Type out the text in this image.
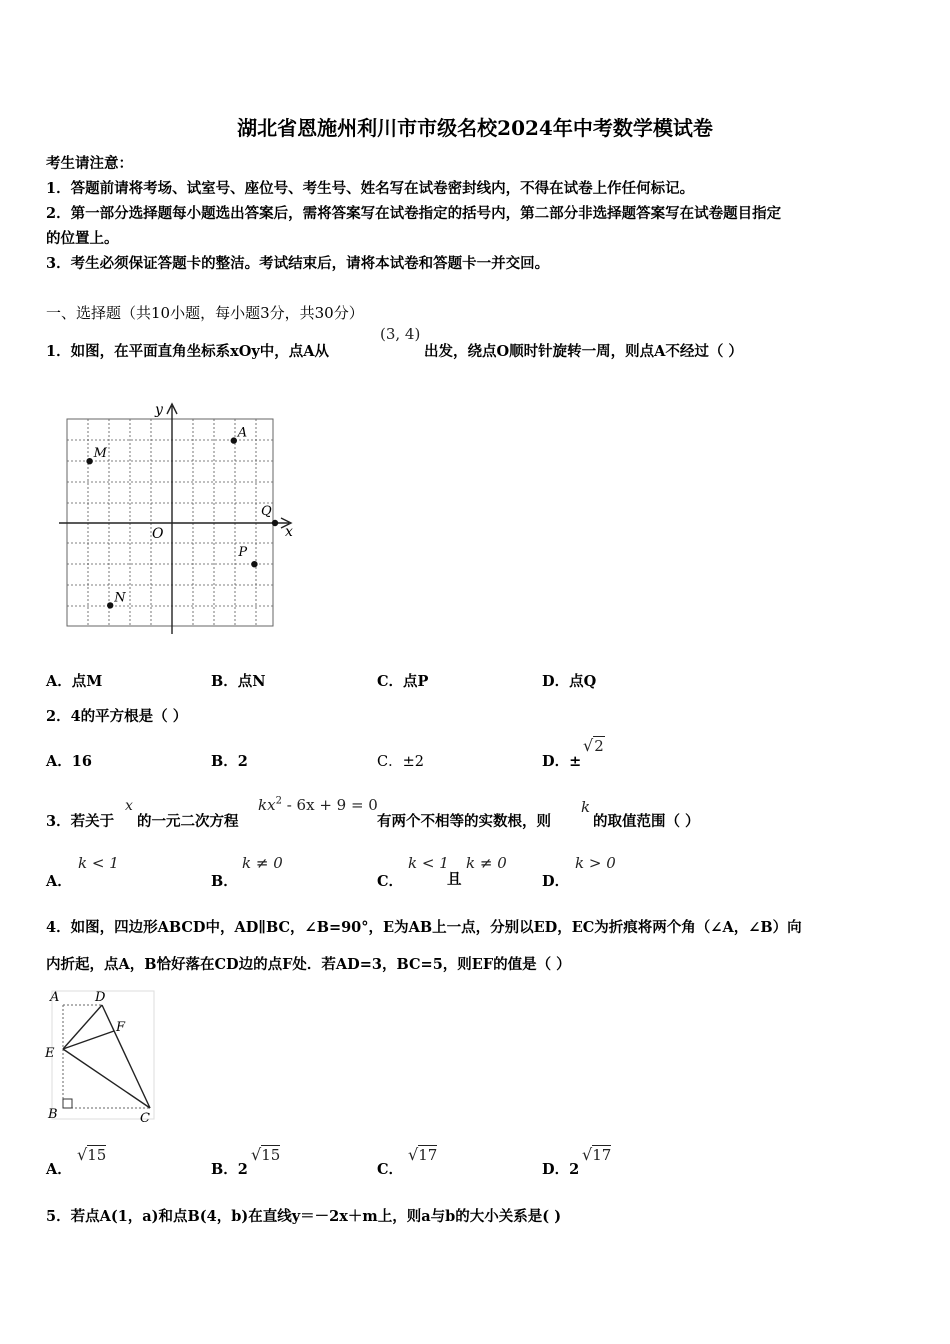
湖北省恩施州利川市市级名校2024年中考数学模试卷
考生请注意：
1．答题前请将考场、试室号、座位号、考生号、姓名写在试卷密封线内，不得在试卷上作任何标记。
2．第一部分选择题每小题选出答案后，需将答案写在试卷指定的括号内，第二部分非选择题答案写在试卷题目指定
的位置上。
3．考生必须保证答题卡的整洁。考试结束后，请将本试卷和答题卡一并交回。
一、选择题（共10小题，每小题3分，共30分）
1．如图，在平面直角坐标系xOy中，点A从
(3, 4)
出发，绕点O顺时针旋转一周，则点A不经过（ ）
x
y
O
A
M
Q
P
N
A．点M	B．点N	C．点P	D．点Q
2．4的平方根是（ ）
A．16	B．2	C．±2	D．±
√2
3．若关于
x
的一元二次方程
$kx^2 - 6x + 9 = 0$
有两个不相等的实数根，则
k
的取值范围（ ）
A．
k < 1
B．
k ≠ 0
C．
k < 1
且
k ≠ 0
D．
k > 0
4．如图，四边形ABCD中，AD∥BC，∠B=90°，E为AB上一点，分别以ED，EC为折痕将两个角（∠A，∠B）向
内折起，点A，B恰好落在CD边的点F处．若AD=3，BC=5，则EF的值是（ ）
A	D
F
E
B	C
A．
√15
B．2
√15
C．
√17
D．2
√17
5．若点A(1，a)和点B(4，b)在直线y＝－2x＋m上，则a与b的大小关系是( )
